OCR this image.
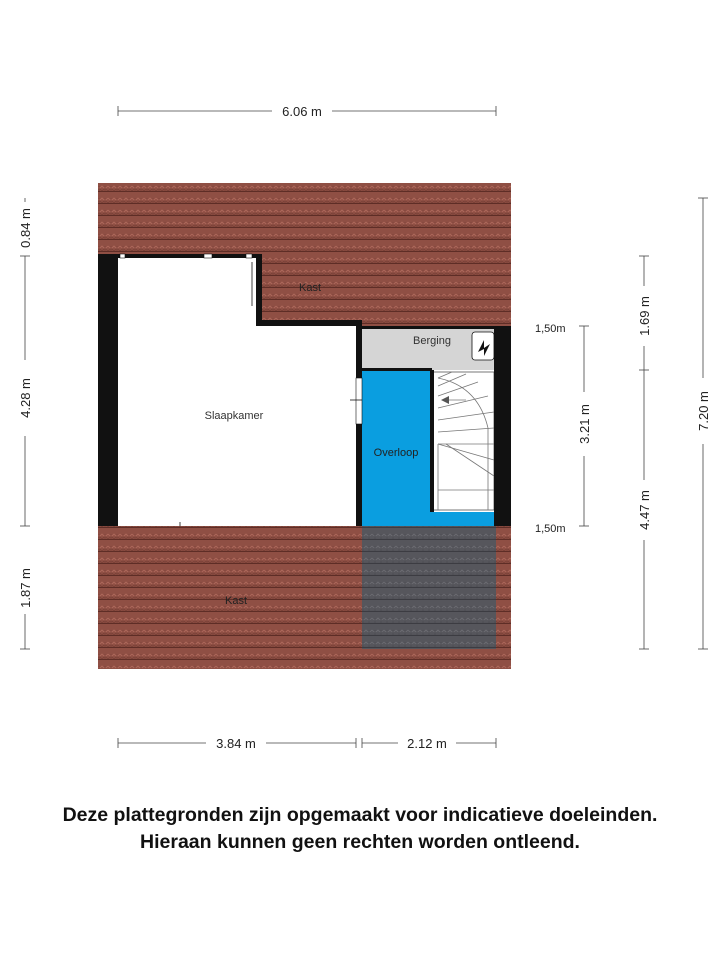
Slaapkamer
Kast
Kast
Berging
Overloop
6.06 m
3.84 m	2.12 m
0.84 m
4.28 m
1.87 m
3.21 m
1.69 m
4.47 m
7.20 m
1,50m
1,50m
Deze plattegronden zijn opgemaakt voor indicatieve doeleinden.
Hieraan kunnen geen rechten worden ontleend.
